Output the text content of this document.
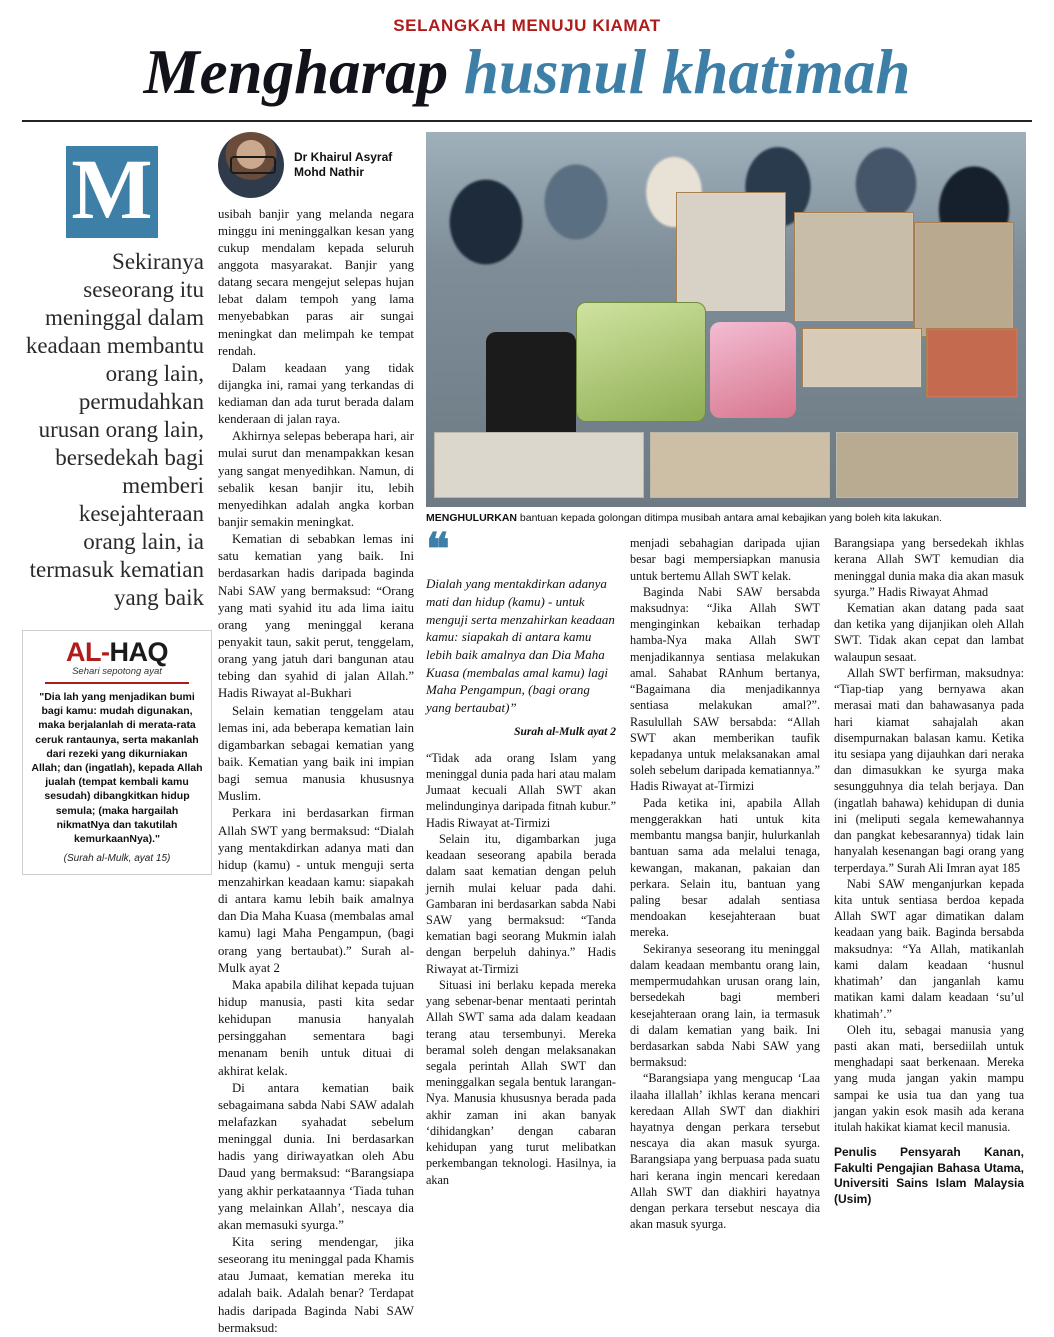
SELANGKAH MENUJU KIAMAT
Mengharap husnul khatimah
M
Sekiranya seseorang itu meninggal dalam keadaan membantu orang lain, permudahkan urusan orang lain, bersedekah bagi memberi kesejahteraan orang lain, ia termasuk kematian yang baik
AL-HAQ
Sehari sepotong ayat
"Dia lah yang menjadikan bumi bagi kamu: mudah digunakan, maka berjalanlah di merata-rata ceruk rantaunya, serta makanlah dari rezeki yang dikurniakan Allah; dan (ingatlah), kepada Allah jualah (tempat kembali kamu sesudah) dibangkitkan hidup semula; (maka hargailah nikmatNya dan takutilah kemurkaanNya)."
(Surah al-Mulk, ayat 15)
Dr Khairul Asyraf
Mohd Nathir

usibah banjir yang melanda negara minggu ini meninggalkan kesan yang cukup mendalam kepada seluruh anggota masyarakat. Banjir yang datang secara mengejut selepas hujan lebat dalam tempoh yang lama menyebabkan paras air sungai meningkat dan melimpah ke tempat rendah.

Dalam keadaan yang tidak dijangka ini, ramai yang terkandas di kediaman dan ada turut berada dalam kenderaan di jalan raya.

Akhirnya selepas beberapa hari, air mulai surut dan menampakkan kesan yang sangat menyedihkan. Namun, di sebalik kesan banjir itu, lebih menyedihkan adalah angka korban banjir semakin meningkat.

Kematian di sebabkan lemas ini satu kematian yang baik. Ini berdasarkan hadis daripada baginda Nabi SAW yang bermaksud: “Orang yang mati syahid itu ada lima iaitu orang yang meninggal kerana penyakit taun, sakit perut, tenggelam, orang yang jatuh dari bangunan atau tebing dan syahid di jalan Allah.” Hadis Riwayat al-Bukhari

Selain kematian tenggelam atau lemas ini, ada beberapa kematian lain digambarkan sebagai kematian yang baik. Kematian yang baik ini impian bagi semua manusia khususnya Muslim.

Perkara ini berdasarkan firman Allah SWT yang bermaksud: “Dialah yang mentakdirkan adanya mati dan hidup (kamu) - untuk menguji serta menzahirkan keadaan kamu: siapakah di antara kamu lebih baik amalnya dan Dia Maha Kuasa (membalas amal kamu) lagi Maha Pengampun, (bagi orang yang bertaubat).” Surah al-Mulk ayat 2

Maka apabila dilihat kepada tujuan hidup manusia, pasti kita sedar kehidupan manusia hanyalah persinggahan sementara bagi menanam benih untuk dituai di akhirat kelak.

Di antara kematian baik sebagaimana sabda Nabi SAW adalah melafazkan syahadat sebelum meninggal dunia. Ini berdasarkan hadis yang diriwayatkan oleh Abu Daud yang bermaksud: “Barangsiapa yang akhir perkataannya ‘Tiada tuhan yang melainkan Allah’, nescaya dia akan memasuki syurga.”

Kita sering mendengar, jika seseorang itu meninggal pada Khamis atau Jumaat, kematian mereka itu adalah baik. Adalah benar? Terdapat hadis daripada Baginda Nabi SAW bermaksud:

MENGHULURKAN bantuan kepada golongan ditimpa musibah antara amal kebajikan yang boleh kita lakukan.
❝
Dialah yang mentakdirkan adanya mati dan hidup (kamu) - untuk menguji serta menzahirkan keadaan kamu: siapakah di antara kamu lebih baik amalnya dan Dia Maha Kuasa (membalas amal kamu) lagi Maha Pengampun, (bagi orang yang bertaubat)”
Surah al-Mulk ayat 2

“Tidak ada orang Islam yang meninggal dunia pada hari atau malam Jumaat kecuali Allah SWT akan melindunginya daripada fitnah kubur.” Hadis Riwayat at-Tirmizi

Selain itu, digambarkan juga keadaan seseorang apabila berada dalam saat kematian dengan peluh jernih mulai keluar pada dahi. Gambaran ini berdasarkan sabda Nabi SAW yang bermaksud: “Tanda kematian bagi seorang Mukmin ialah dengan berpeluh dahinya.” Hadis Riwayat at-Tirmizi

Situasi ini berlaku kepada mereka yang sebenar-benar mentaati perintah Allah SWT sama ada dalam keadaan terang atau tersembunyi. Mereka beramal soleh dengan melaksanakan segala perintah Allah SWT dan meninggalkan segala bentuk larangan-Nya. Manusia khususnya berada pada akhir zaman ini akan banyak ‘dihidangkan’ dengan cabaran kehidupan yang turut melibatkan perkembangan teknologi. Hasilnya, ia akan

menjadi sebahagian daripada ujian besar bagi mempersiapkan manusia untuk bertemu Allah SWT kelak.

Baginda Nabi SAW bersabda maksudnya: “Jika Allah SWT menginginkan kebaikan terhadap hamba-Nya maka Allah SWT menjadikannya sentiasa melakukan amal. Sahabat RAnhum bertanya, “Bagaimana dia menjadikannya sentiasa melakukan amal?”. Rasulullah SAW bersabda: “Allah SWT akan memberikan taufik kepadanya untuk melaksanakan amal soleh sebelum daripada kematiannya.” Hadis Riwayat at-Tirmizi

Pada ketika ini, apabila Allah menggerakkan hati untuk kita membantu mangsa banjir, hulurkanlah bantuan sama ada melalui tenaga, kewangan, makanan, pakaian dan perkara. Selain itu, bantuan yang paling besar adalah sentiasa mendoakan kesejahteraan buat mereka.

Sekiranya seseorang itu meninggal dalam keadaan membantu orang lain, mempermudahkan urusan orang lain, bersedekah bagi memberi kesejahteraan orang lain, ia termasuk di dalam kematian yang baik. Ini berdasarkan sabda Nabi SAW yang bermaksud:

“Barangsiapa yang mengucap ‘Laa ilaaha illallah’ ikhlas kerana mencari keredaan Allah SWT dan diakhiri hayatnya dengan perkara tersebut nescaya dia akan masuk syurga. Barangsiapa yang berpuasa pada suatu hari kerana ingin mencari keredaan Allah SWT dan diakhiri hayatnya dengan perkara tersebut nescaya dia akan masuk syurga.

Barangsiapa yang bersedekah ikhlas kerana Allah SWT kemudian dia meninggal dunia maka dia akan masuk syurga.” Hadis Riwayat Ahmad

Kematian akan datang pada saat dan ketika yang dijanjikan oleh Allah SWT. Tidak akan cepat dan lambat walaupun sesaat.

Allah SWT berfirman, maksudnya: “Tiap-tiap yang bernyawa akan merasai mati dan bahawasanya pada hari kiamat sahajalah akan disempurnakan balasan kamu. Ketika itu sesiapa yang dijauhkan dari neraka dan dimasukkan ke syurga maka sesungguhnya dia telah berjaya. Dan (ingatlah bahawa) kehidupan di dunia ini (meliputi segala kemewahannya dan pangkat kebesarannya) tidak lain hanyalah kesenangan bagi orang yang terperdaya.” Surah Ali Imran ayat 185

Nabi SAW menganjurkan kepada kita untuk sentiasa berdoa kepada Allah SWT agar dimatikan dalam keadaan yang baik. Baginda bersabda maksudnya: “Ya Allah, matikanlah kami dalam keadaan ‘husnul khatimah’ dan janganlah kamu matikan kami dalam keadaan ‘su’ul khatimah’.”

Oleh itu, sebagai manusia yang pasti akan mati, bersediilah untuk menghadapi saat berkenaan. Mereka yang muda jangan yakin mampu sampai ke usia tua dan yang tua jangan yakin esok masih ada kerana itulah hakikat kiamat kecil manusia.

Penulis Pensyarah Kanan, Fakulti Pengajian Bahasa Utama, Universiti Sains Islam Malaysia (Usim)
